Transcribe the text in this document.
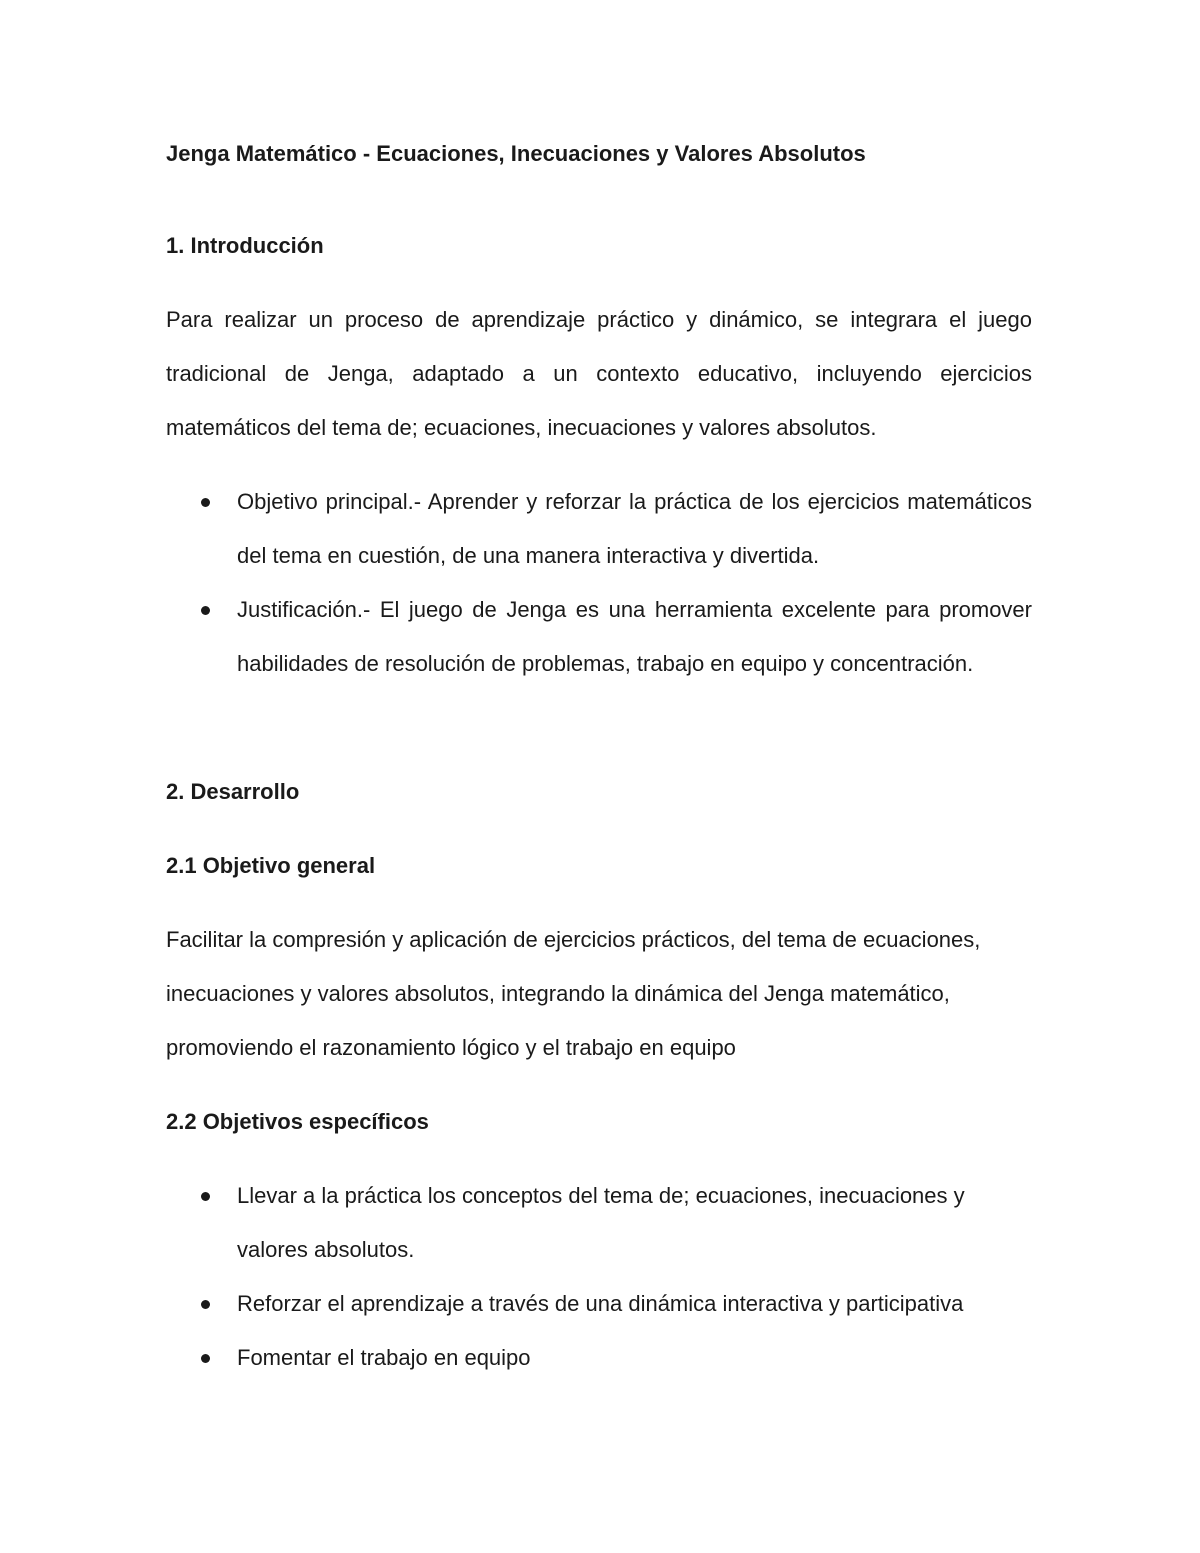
Jenga Matemático - Ecuaciones, Inecuaciones y Valores Absolutos
1. Introducción

Para realizar un proceso de aprendizaje práctico y dinámico, se integrara el juego tradicional de Jenga, adaptado a un contexto educativo, incluyendo ejercicios matemáticos del tema de; ecuaciones, inecuaciones y valores absolutos.

Objetivo principal.- Aprender y reforzar la práctica de los ejercicios matemáticos del tema en cuestión, de una manera interactiva y divertida.
Justificación.- El juego de Jenga es una herramienta excelente para promover habilidades de resolución de problemas, trabajo en equipo y concentración.
2. Desarrollo
2.1 Objetivo general

Facilitar la compresión y aplicación de ejercicios prácticos, del tema de ecuaciones, inecuaciones y valores absolutos, integrando la dinámica del Jenga matemático, promoviendo el razonamiento lógico y el trabajo en equipo

2.2 Objetivos específicos
Llevar a la práctica los conceptos del tema de; ecuaciones, inecuaciones y valores absolutos.
Reforzar el aprendizaje a través de una dinámica interactiva y participativa
Fomentar el trabajo en equipo
